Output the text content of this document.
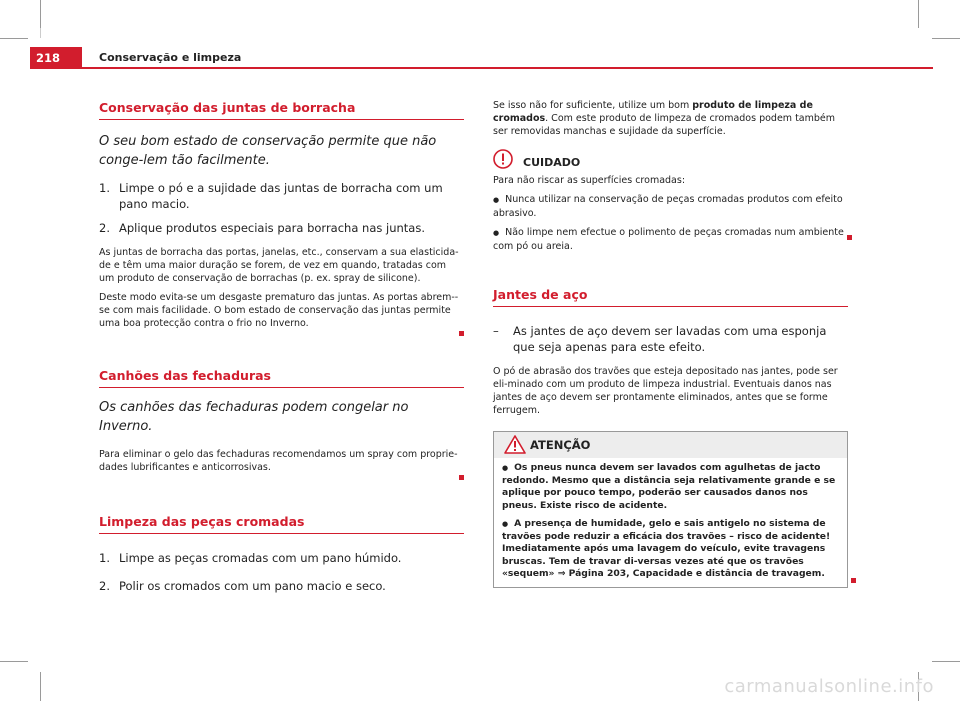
218	Conservação e limpeza
Conservação das juntas de borracha
O seu bom estado de conservação permite que não conge-lem tão facilmente.
1. Limpe o pó e a sujidade das juntas de borracha com um pano macio.
2. Aplique produtos especiais para borracha nas juntas.
As juntas de borracha das portas, janelas, etc., conservam a sua elasticida-de e têm uma maior duração se forem, de vez em quando, tratadas com um produto de conservação de borrachas (p. ex. spray de silicone).
Deste modo evita-se um desgaste prematuro das juntas. As portas abrem--se com mais facilidade. O bom estado de conservação das juntas permite uma boa protecção contra o frio no Inverno.
Canhões das fechaduras
Os canhões das fechaduras podem congelar no Inverno.
Para eliminar o gelo das fechaduras recomendamos um spray com proprie-dades lubrificantes e anticorrosivas.
Limpeza das peças cromadas
1. Limpe as peças cromadas com um pano húmido.
2. Polir os cromados com um pano macio e seco.
Se isso não for suficiente, utilize um bom produto de limpeza de cromados. Com este produto de limpeza de cromados podem também ser removidas manchas e sujidade da superfície.
CUIDADO
Para não riscar as superfícies cromadas:
● Nunca utilizar na conservação de peças cromadas produtos com efeito abrasivo.
● Não limpe nem efectue o polimento de peças cromadas num ambiente com pó ou areia.
Jantes de aço
–	As jantes de aço devem ser lavadas com uma esponja que seja apenas para este efeito.
O pó de abrasão dos travões que esteja depositado nas jantes, pode ser eli-minado com um produto de limpeza industrial. Eventuais danos nas jantes de aço devem ser prontamente eliminados, antes que se forme ferrugem.
ATENÇÃO
● Os pneus nunca devem ser lavados com agulhetas de jacto redondo. Mesmo que a distância seja relativamente grande e se aplique por pouco tempo, poderão ser causados danos nos pneus. Existe risco de acidente.
● A presença de humidade, gelo e sais antigelo no sistema de travões pode reduzir a eficácia dos travões – risco de acidente! Imediatamente após uma lavagem do veículo, evite travagens bruscas. Tem de travar di-versas vezes até que os travões «sequem» ⇒ Página 203, Capacidade e distância de travagem.
carmanualsonline.info
